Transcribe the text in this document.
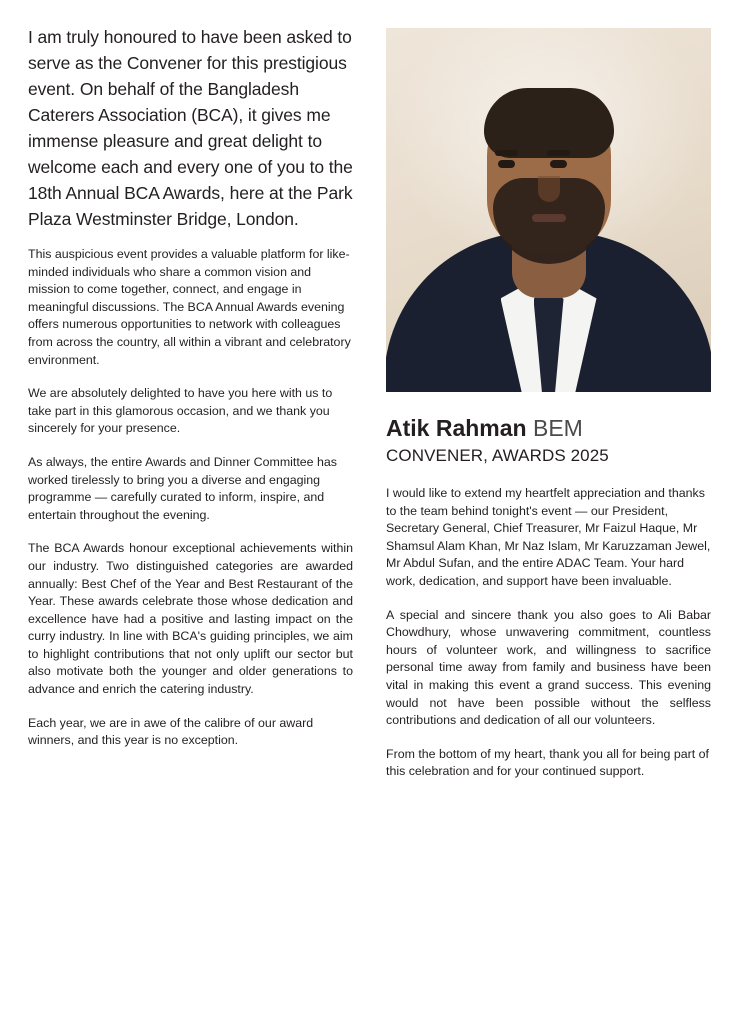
I am truly honoured to have been asked to serve as the Convener for this prestigious event. On behalf of the Bangladesh Caterers Association (BCA), it gives me immense pleasure and great delight to welcome each and every one of you to the 18th Annual BCA Awards, here at the Park Plaza Westminster Bridge, London.

This auspicious event provides a valuable platform for like-minded individuals who share a common vision and mission to come together, connect, and engage in meaningful discussions. The BCA Annual Awards evening offers numerous opportunities to network with colleagues from across the country, all within a vibrant and celebratory environment.

We are absolutely delighted to have you here with us to take part in this glamorous occasion, and we thank you sincerely for your presence.

As always, the entire Awards and Dinner Committee has worked tirelessly to bring you a diverse and engaging programme — carefully curated to inform, inspire, and entertain throughout the evening.

The BCA Awards honour exceptional achievements within our industry. Two distinguished categories are awarded annually: Best Chef of the Year and Best Restaurant of the Year. These awards celebrate those whose dedication and excellence have had a positive and lasting impact on the curry industry. In line with BCA's guiding principles, we aim to highlight contributions that not only uplift our sector but also motivate both the younger and older generations to advance and enrich the catering industry.

Each year, we are in awe of the calibre of our award winners, and this year is no exception.

Atik Rahman BEM
CONVENER, AWARDS 2025

I would like to extend my heartfelt appreciation and thanks to the team behind tonight's event — our President, Secretary General, Chief Treasurer, Mr Faizul Haque, Mr Shamsul Alam Khan, Mr Naz Islam, Mr Karuzzaman Jewel, Mr Abdul Sufan, and the entire ADAC Team. Your hard work, dedication, and support have been invaluable.

A special and sincere thank you also goes to Ali Babar Chowdhury, whose unwavering commitment, countless hours of volunteer work, and willingness to sacrifice personal time away from family and business have been vital in making this event a grand success. This evening would not have been possible without the selfless contributions and dedication of all our volunteers.

From the bottom of my heart, thank you all for being part of this celebration and for your continued support.
